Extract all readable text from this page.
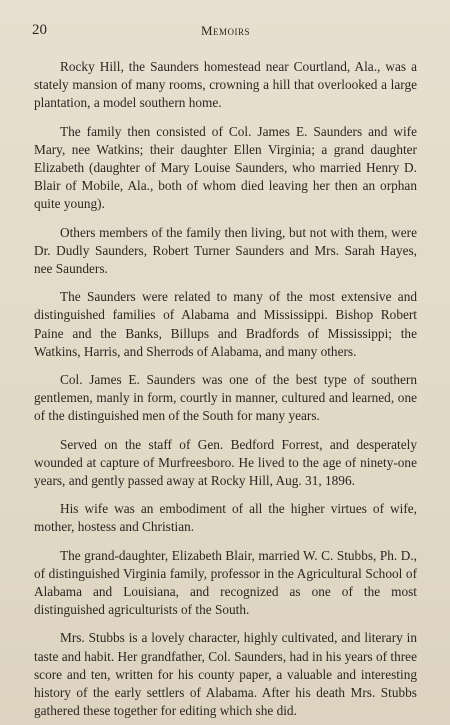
20	Memoirs

Rocky Hill, the Saunders homestead near Courtland, Ala., was a stately mansion of many rooms, crowning a hill that overlooked a large plantation, a model southern home.

The family then consisted of Col. James E. Saunders and wife Mary, nee Watkins; their daughter Ellen Virginia; a grand daughter Elizabeth (daughter of Mary Louise Saunders, who married Henry D. Blair of Mobile, Ala., both of whom died leaving her then an orphan quite young).

Others members of the family then living, but not with them, were Dr. Dudly Saunders, Robert Turner Saunders and Mrs. Sarah Hayes, nee Saunders.

The Saunders were related to many of the most extensive and distinguished families of Alabama and Mississippi. Bishop Robert Paine and the Banks, Billups and Bradfords of Mississippi; the Watkins, Harris, and Sherrods of Alabama, and many others.

Col. James E. Saunders was one of the best type of southern gentlemen, manly in form, courtly in manner, cultured and learned, one of the distinguished men of the South for many years.

Served on the staff of Gen. Bedford Forrest, and desperately wounded at capture of Murfreesboro. He lived to the age of ninety-one years, and gently passed away at Rocky Hill, Aug. 31, 1896.

His wife was an embodiment of all the higher virtues of wife, mother, hostess and Christian.

The grand-daughter, Elizabeth Blair, married W. C. Stubbs, Ph. D., of distinguished Virginia family, professor in the Agricultural School of Alabama and Louisiana, and recognized as one of the most distinguished agriculturists of the South.

Mrs. Stubbs is a lovely character, highly cultivated, and literary in taste and habit. Her grandfather, Col. Saunders, had in his years of three score and ten, written for his county paper, a valuable and interesting history of the early settlers of Alabama. After his death Mrs. Stubbs gathered these together for editing which she did.
